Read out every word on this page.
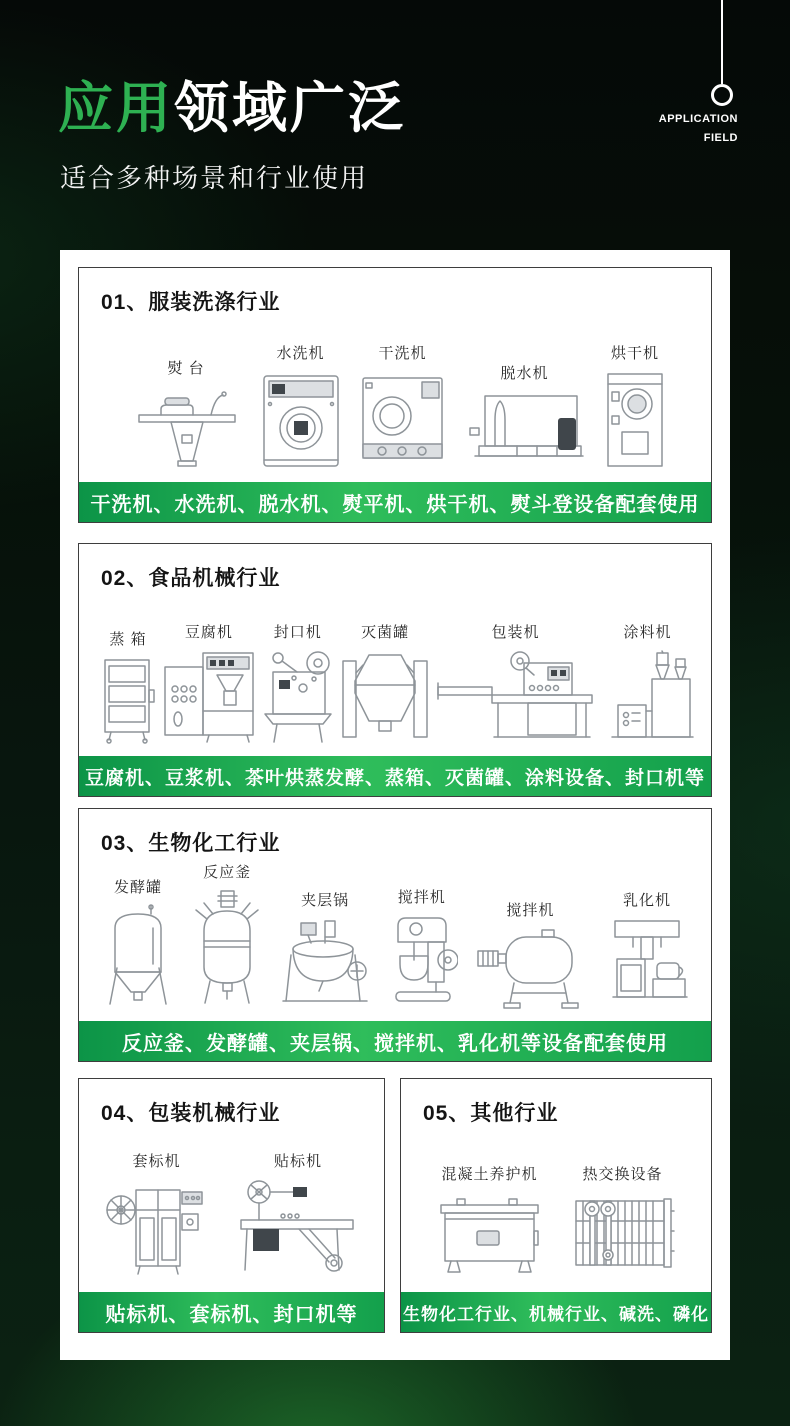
应用领域广泛
适合多种场景和行业使用
APPLICATION
FIELD
01、服装洗涤行业
熨 台
水洗机	干洗机
脱水机
烘干机
干洗机、水洗机、脱水机、熨平机、烘干机、熨斗登设备配套使用
02、食品机械行业
蒸 箱	豆腐机	封口机	灭菌罐	包装机	涂料机
豆腐机、豆浆机、茶叶烘蒸发酵、蒸箱、灭菌罐、涂料设备、封口机等
03、生物化工行业
发酵罐
反应釜
夹层锅	搅拌机
搅拌机
乳化机
反应釜、发酵罐、夹层锅、搅拌机、乳化机等设备配套使用
04、包装机械行业
套标机	贴标机
贴标机、套标机、封口机等
05、其他行业
混凝土养护机	热交换设备
生物化工行业、机械行业、碱洗、磷化
